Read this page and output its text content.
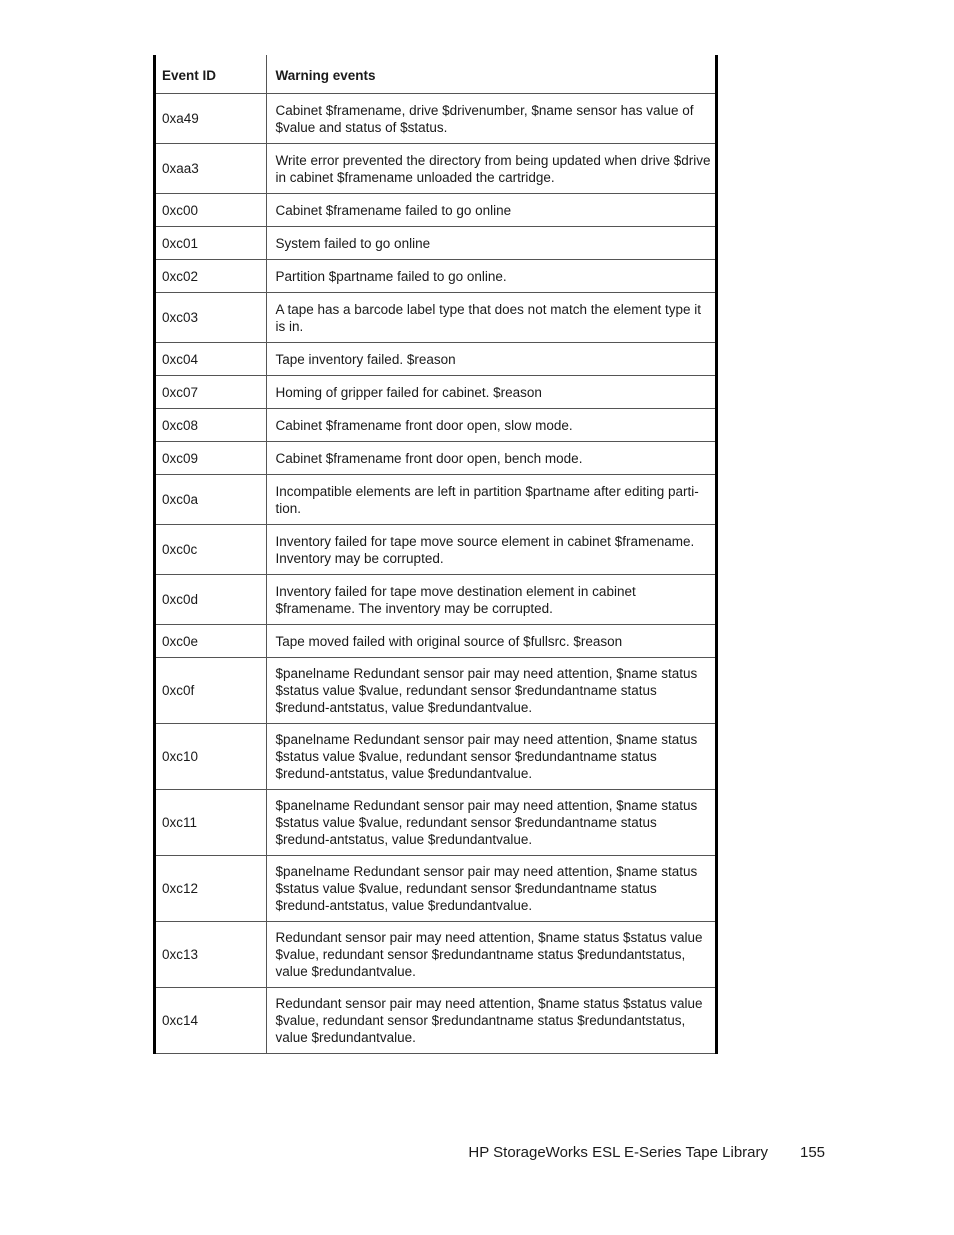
Event ID	Warning events
0xa49	Cabinet $framename, drive $drivenumber, $name sensor has value of $value and status of $status.
0xaa3	Write error prevented the directory from being updated when drive $drive in cabinet $framename unloaded the cartridge.
0xc00	Cabinet $framename failed to go online
0xc01	System failed to go online
0xc02	Partition $partname failed to go online.
0xc03	A tape has a barcode label type that does not match the element type it is in.
0xc04	Tape inventory failed. $reason
0xc07	Homing of gripper failed for cabinet. $reason
0xc08	Cabinet $framename front door open, slow mode.
0xc09	Cabinet $framename front door open, bench mode.
0xc0a	Incompatible elements are left in partition $partname after editing parti-tion.
0xc0c	Inventory failed for tape move source element in cabinet $framename. Inventory may be corrupted.
0xc0d	Inventory failed for tape move destination element in cabinet $framename. The inventory may be corrupted.
0xc0e	Tape moved failed with original source of $fullsrc. $reason
0xc0f	$panelname Redundant sensor pair may need attention, $name status $status value $value, redundant sensor $redundantname status $redund-antstatus, value $redundantvalue.
0xc10	$panelname Redundant sensor pair may need attention, $name status $status value $value, redundant sensor $redundantname status $redund-antstatus, value $redundantvalue.
0xc11	$panelname Redundant sensor pair may need attention, $name status $status value $value, redundant sensor $redundantname status $redund-antstatus, value $redundantvalue.
0xc12	$panelname Redundant sensor pair may need attention, $name status $status value $value, redundant sensor $redundantname status $redund-antstatus, value $redundantvalue.
0xc13	Redundant sensor pair may need attention, $name status $status value $value, redundant sensor $redundantname status $redundantstatus, value $redundantvalue.
0xc14	Redundant sensor pair may need attention, $name status $status value $value, redundant sensor $redundantname status $redundantstatus, value $redundantvalue.
HP StorageWorks ESL E-Series Tape Library 155
